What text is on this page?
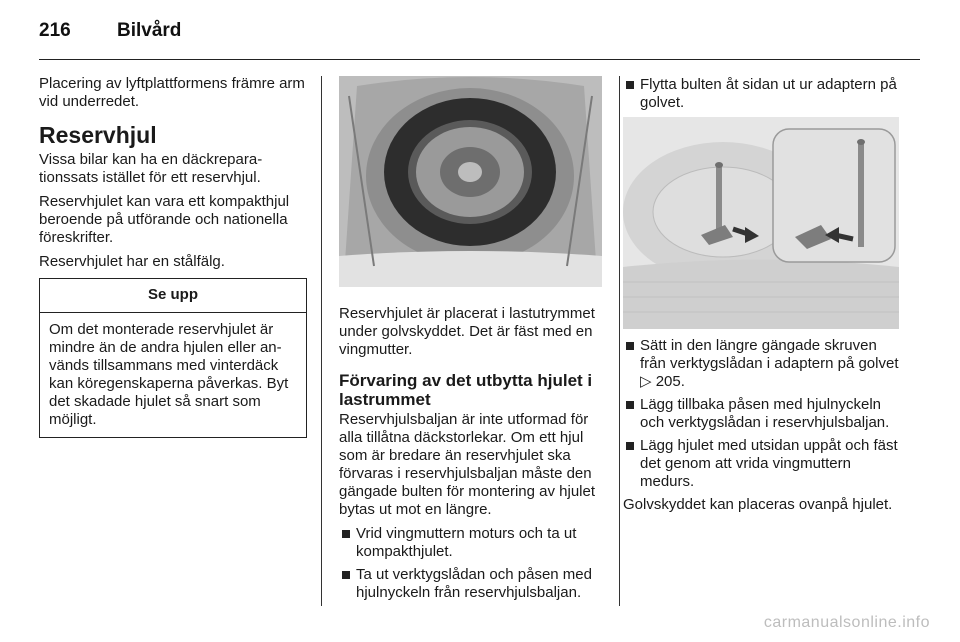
216 Bilvård

Placering av lyftplattformens främre arm vid underredet.

Reservhjul

Vissa bilar kan ha en däckreparationssats istället för ett reservhjul.

Reservhjulet kan vara ett kompakthjul beroende på utförande och nationella föreskrifter.

Reservhjulet har en stålfälg.

Se upp
Om det monterade reservhjulet är mindre än de andra hjulen eller används tillsammans med vinterdäck kan köregenskaperna påverkas. Byt det skadade hjulet så snart som möjligt.

Reservhjulet är placerat i lastutrymmet under golvskyddet. Det är fäst med en vingmutter.

Förvaring av det utbytta hjulet i lastrummet

Reservhjulsbaljan är inte utformad för alla tillåtna däckstorlekar. Om ett hjul som är bredare än reservhjulet ska förvaras i reservhjulsbaljan måste den gängade bulten för montering av hjulet bytas ut mot en längre.

Vrid vingmuttern moturs och ta ut kompakthjulet.
Ta ut verktygslådan och påsen med hjulnyckeln från reservhjulsbaljan.
Flytta bulten åt sidan ut ur adaptern på golvet.
Sätt in den längre gängade skruven från verktygslådan i adaptern på golvet ▷ 205.
Lägg tillbaka påsen med hjulnyckeln och verktygslådan i reservhjulsbaljan.
Lägg hjulet med utsidan uppåt och fäst det genom att vrida vingmuttern medurs.

Golvskyddet kan placeras ovanpå hjulet.

carmanualsonline.info
